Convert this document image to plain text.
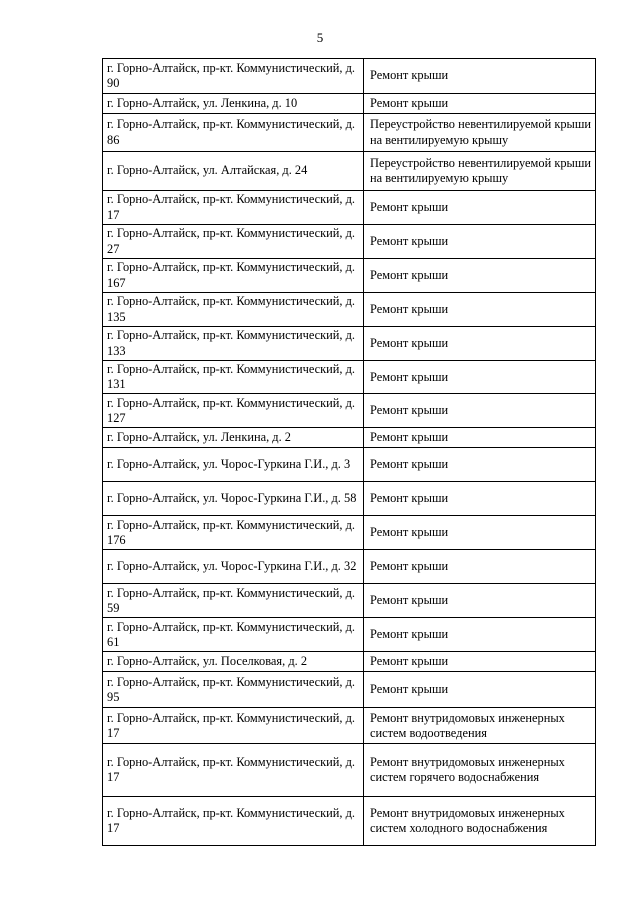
5
г. Горно-Алтайск, пр-кт. Коммунистический, д. 90	Ремонт крыши
г. Горно-Алтайск, ул. Ленкина, д. 10	Ремонт крыши
г. Горно-Алтайск, пр-кт. Коммунистический, д. 86	Переустройство невентилируемой крыши на вентилируемую крышу
г. Горно-Алтайск, ул. Алтайская, д. 24	Переустройство невентилируемой крыши на вентилируемую крышу
г. Горно-Алтайск, пр-кт. Коммунистический, д. 17	Ремонт крыши
г. Горно-Алтайск, пр-кт. Коммунистический, д. 27	Ремонт крыши
г. Горно-Алтайск, пр-кт. Коммунистический, д. 167	Ремонт крыши
г. Горно-Алтайск, пр-кт. Коммунистический, д. 135	Ремонт крыши
г. Горно-Алтайск, пр-кт. Коммунистический, д. 133	Ремонт крыши
г. Горно-Алтайск, пр-кт. Коммунистический, д. 131	Ремонт крыши
г. Горно-Алтайск, пр-кт. Коммунистический, д. 127	Ремонт крыши
г. Горно-Алтайск, ул. Ленкина, д. 2	Ремонт крыши
г. Горно-Алтайск, ул. Чорос-Гуркина Г.И., д. 3	Ремонт крыши
г. Горно-Алтайск, ул. Чорос-Гуркина Г.И., д. 58	Ремонт крыши
г. Горно-Алтайск, пр-кт. Коммунистический, д. 176	Ремонт крыши
г. Горно-Алтайск, ул. Чорос-Гуркина Г.И., д. 32	Ремонт крыши
г. Горно-Алтайск, пр-кт. Коммунистический, д. 59	Ремонт крыши
г. Горно-Алтайск, пр-кт. Коммунистический, д. 61	Ремонт крыши
г. Горно-Алтайск, ул. Поселковая, д. 2	Ремонт крыши
г. Горно-Алтайск, пр-кт. Коммунистический, д. 95	Ремонт крыши
г. Горно-Алтайск, пр-кт. Коммунистический, д. 17	Ремонт внутридомовых инженерных систем водоотведения
г. Горно-Алтайск, пр-кт. Коммунистический, д. 17	Ремонт внутридомовых инженерных систем горячего водоснабжения
г. Горно-Алтайск, пр-кт. Коммунистический, д. 17	Ремонт внутридомовых инженерных систем холодного водоснабжения
